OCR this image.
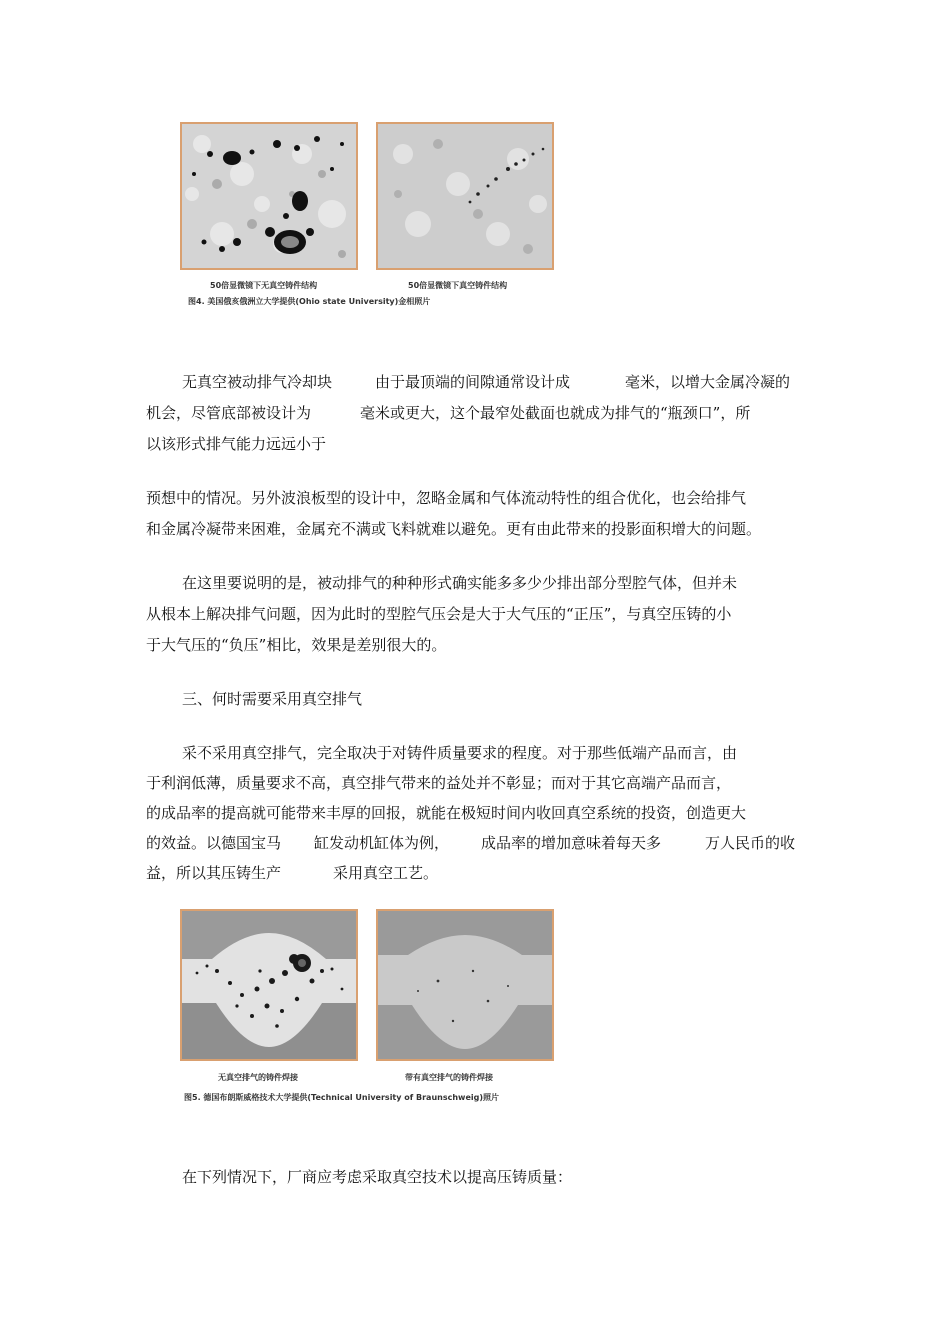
50倍显微镜下无真空铸件结构	50倍显微镜下真空铸件结构
图4. 美国俄亥俄洲立大学提供(Ohio state University)金相照片
无真空被动排气冷却块	由于最顶端的间隙通常设计成	毫米，以增大金属冷凝的
机会，尽管底部被设计为	毫米或更大，这个最窄处截面也就成为排气的“瓶颈口”，所
以该形式排气能力远远小于
预想中的情况。另外波浪板型的设计中，忽略金属和气体流动特性的组合优化，也会给排气
和金属冷凝带来困难，金属充不满或飞料就难以避免。更有由此带来的投影面积增大的问题。
在这里要说明的是，被动排气的种种形式确实能多多少少排出部分型腔气体，但并未
从根本上解决排气问题，因为此时的型腔气压会是大于大气压的“正压”，与真空压铸的小
于大气压的“负压”相比，效果是差别很大的。
三、何时需要采用真空排气
采不采用真空排气，完全取决于对铸件质量要求的程度。对于那些低端产品而言，由
于利润低薄，质量要求不高，真空排气带来的益处并不彰显；而对于其它高端产品而言，
的成品率的提高就可能带来丰厚的回报，就能在极短时间内收回真空系统的投资，创造更大
的效益。以德国宝马 缸发动机缸体为例， 成品率的增加意味着每天多	万人民币的收
益，所以其压铸生产	采用真空工艺。
无真空排气的铸件焊接	带有真空排气的铸件焊接
图5. 德国布朗斯威格技术大学提供(Technical University of Braunschweig)照片
在下列情况下，厂商应考虑采取真空技术以提高压铸质量：
